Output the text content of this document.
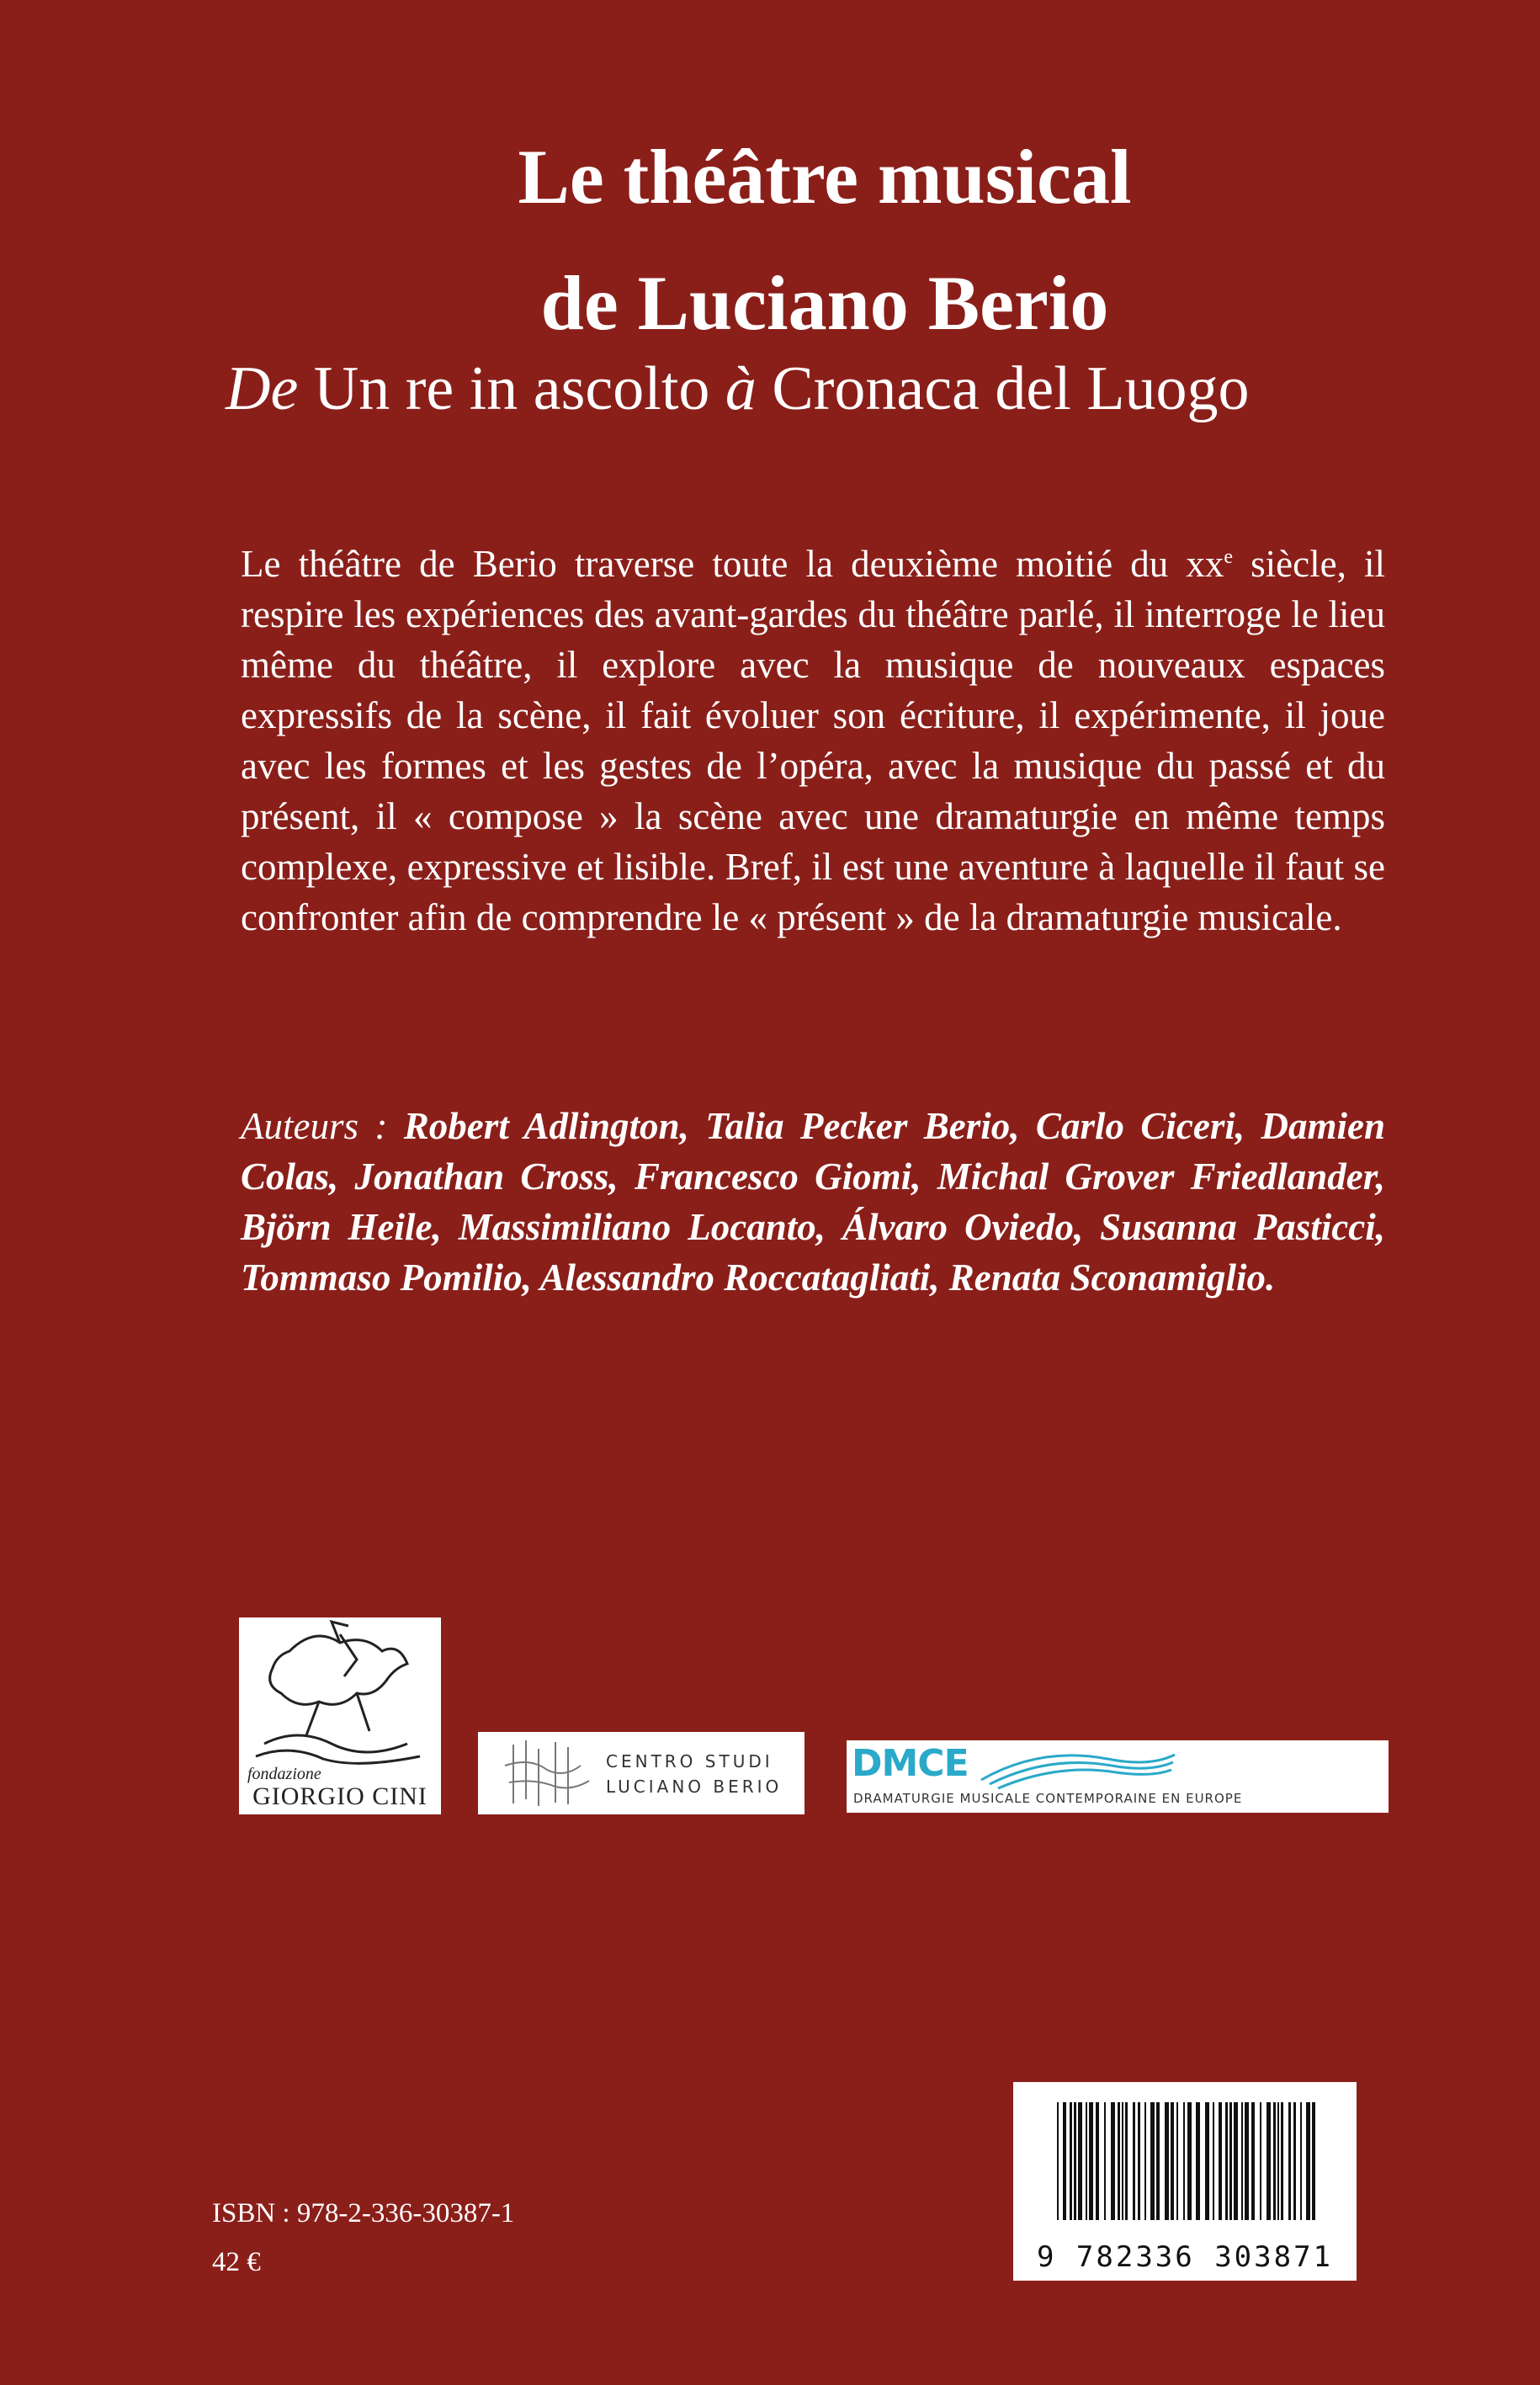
Le théâtre musical
de Luciano Berio
De Un re in ascolto à Cronaca del Luogo
Le théâtre de Berio traverse toute la deuxième moitié du $xx^e$ siècle, il respire les expériences des avant-gardes du théâtre parlé, il interroge le lieu même du théâtre, il explore avec la musique de nouveaux espaces expressifs de la scène, il fait évoluer son écriture, il expérimente, il joue avec les formes et les gestes de l’opéra, avec la musique du passé et du présent, il « compose » la scène avec une dramaturgie en même temps complexe, expressive et lisible. Bref, il est une aventure à laquelle il faut se confronter afin de comprendre le « présent » de la dramaturgie musicale.
Auteurs : Robert Adlington, Talia Pecker Berio, Carlo Ciceri, Damien Colas, Jonathan Cross, Francesco Giomi, Michal Grover Friedlander, Björn Heile, Massimiliano Locanto, Álvaro Oviedo, Susanna Pasticci, Tommaso Pomilio, Alessandro Roccatagliati, Renata Sconamiglio.
fondazione
GIORGIO CINI
CENTRO STUDI
LUCIANO BERIO
DMCE
DRAMATURGIE MUSICALE CONTEMPORAINE EN EUROPE
9 782336 303871
ISBN : 978-2-336-30387-1
42 €
